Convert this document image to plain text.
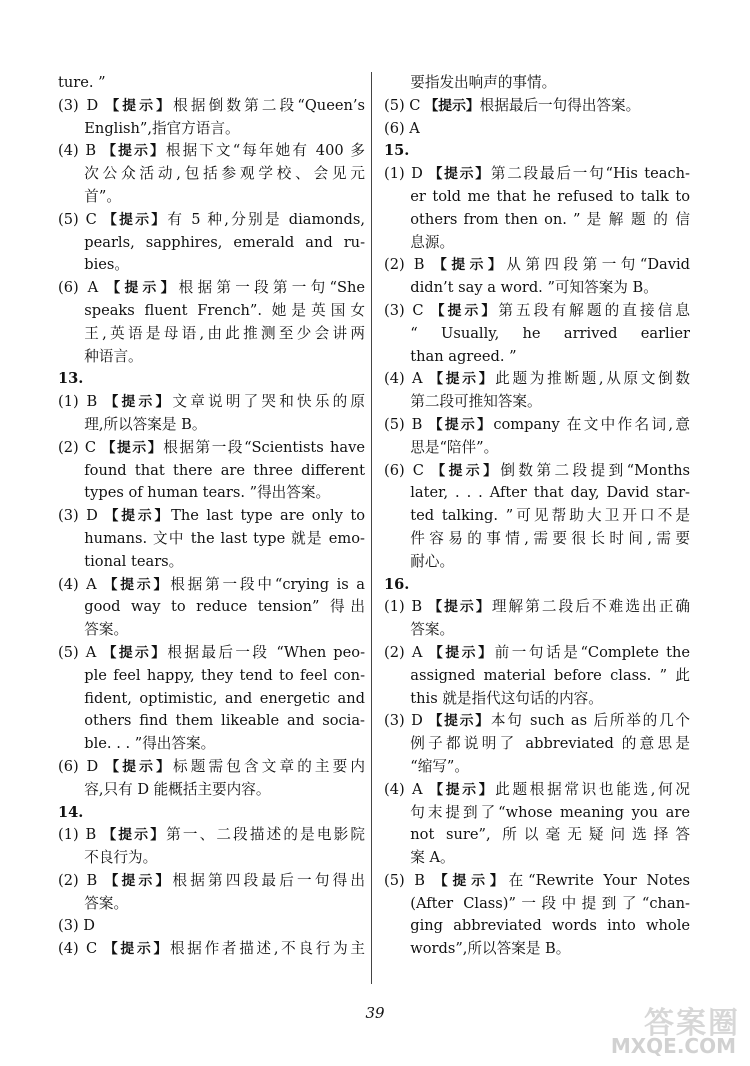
ture. ”
(3) D 【提示】根据倒数第二段“Queen’s
English”,指官方语言。
(4) B 【提示】根据下文“每年她有 400 多
次公众活动,包括参观学校、会见元
首”。
(5) C 【提示】有 5 种,分别是 diamonds,
pearls, sapphires, emerald and ru-
bies。
(6) A 【提示】根据第一段第一句“She
speaks fluent French”. 她是英国女
王,英语是母语,由此推测至少会讲两
种语言。
13.
(1) B 【提示】文章说明了哭和快乐的原
理,所以答案是 B。
(2) C 【提示】根据第一段“Scientists have
found that there are three different
types of human tears. ”得出答案。
(3) D 【提示】The last type are only to
humans. 文中 the last type 就是 emo-
tional tears。
(4) A 【提示】根据第一段中“crying is a
good way to reduce tension” 得出
答案。
(5) A 【提示】根据最后一段 “When peo-
ple feel happy, they tend to feel con-
fident, optimistic, and energetic and
others find them likeable and socia-
ble. . . ”得出答案。
(6) D 【提示】标题需包含文章的主要内
容,只有 D 能概括主要内容。
14.
(1) B 【提示】第一、二段描述的是电影院
不良行为。
(2) B 【提示】根据第四段最后一句得出
答案。
(3) D
(4) C 【提示】根据作者描述,不良行为主
要指发出响声的事情。
(5) C 【提示】根据最后一句得出答案。
(6) A
15.
(1) D 【提示】第二段最后一句“His teach-
er told me that he refused to talk to
others from then on. ” 是 解 题 的 信
息源。
(2) B 【提示】从第四段第一句“David
didn’t say a word. ”可知答案为 B。
(3) C 【提示】第五段有解题的直接信息
“ Usually, he arrived earlier
than agreed. ”
(4) A 【提示】此题为推断题,从原文倒数
第二段可推知答案。
(5) B 【提示】company 在文中作名词,意
思是“陪伴”。
(6) C 【提示】倒数第二段提到“Months
later, . . . After that day, David star-
ted talking. ”可见帮助大卫开口不是
件容易的事情,需要很长时间,需要
耐心。
16.
(1) B 【提示】理解第二段后不难选出正确
答案。
(2) A 【提示】前一句话是“Complete the
assigned material before class. ” 此
this 就是指代这句话的内容。
(3) D 【提示】本句 such as 后所举的几个
例子都说明了 abbreviated 的意思是
“缩写”。
(4) A 【提示】此题根据常识也能选,何况
句末提到了“whose meaning you are
not sure”, 所以毫无疑问选择答
案 A。
(5) B 【提示】在“Rewrite Your Notes
(After Class)”一段中提到了“chan-
ging abbreviated words into whole
words”,所以答案是 B。
39	答案圈
MXQE.COM
